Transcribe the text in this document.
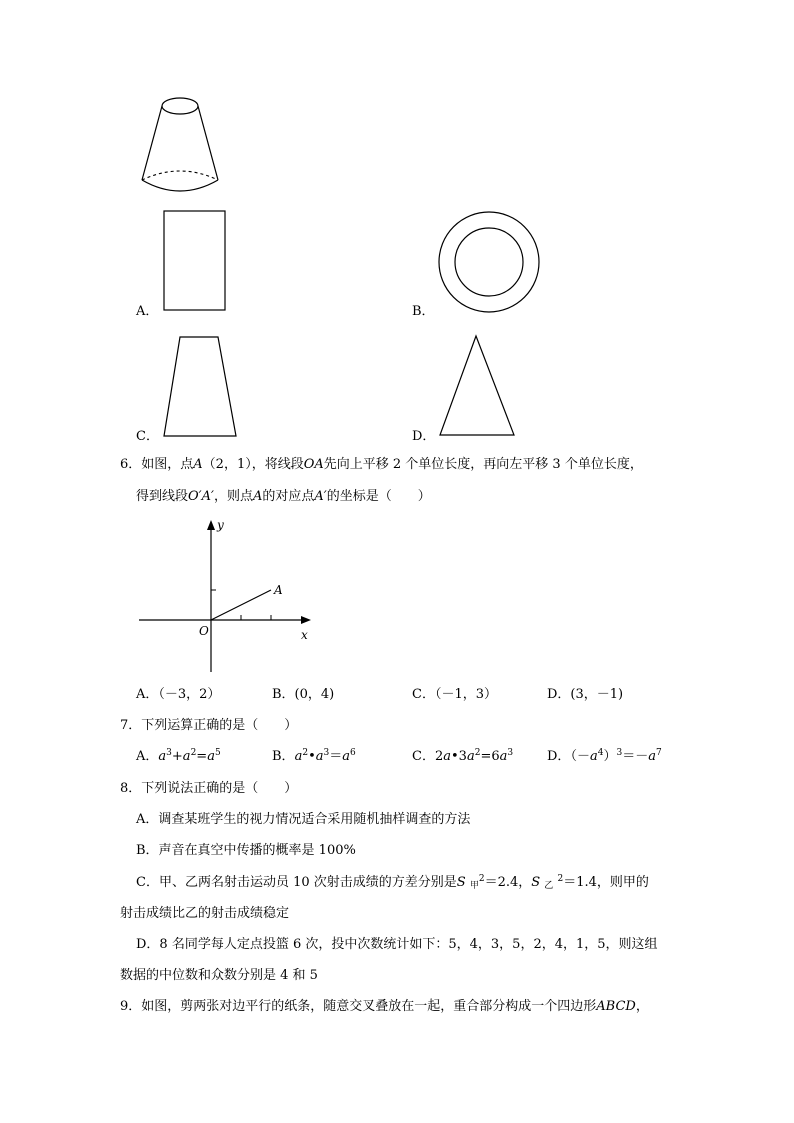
A．	B．
C．	D．
6．如图，点A（2，1），将线段OA先向上平移 2 个单位长度，再向左平移 3 个单位长度，
得到线段O′A′，则点A的对应点A′的坐标是（　　）
y
x
O
A
A．（－3，2）	B．(0，4)	C．（－1，3）	D．(3，－1)
7．下列运算正确的是（　　）
A．$a^3+a^2=a^5$	B．$a^2•a^3=a^6$	C．$2a•3a^2=6a^3$	D．$(-a^4)^3=-a^7$
8．下列说法正确的是（　　）
A．调查某班学生的视力情况适合采用随机抽样调查的方法
B．声音在真空中传播的概率是 100%
C．甲、乙两名射击运动员 10 次射击成绩的方差分别是S $_甲^2$＝2.4，S $_乙$ $^2$＝1.4，则甲的
射击成绩比乙的射击成绩稳定
D．8 名同学每人定点投篮 6 次，投中次数统计如下：5，4，3，5，2，4，1，5，则这组
数据的中位数和众数分别是 4 和 5
9．如图，剪两张对边平行的纸条，随意交叉叠放在一起，重合部分构成一个四边形ABCD，
